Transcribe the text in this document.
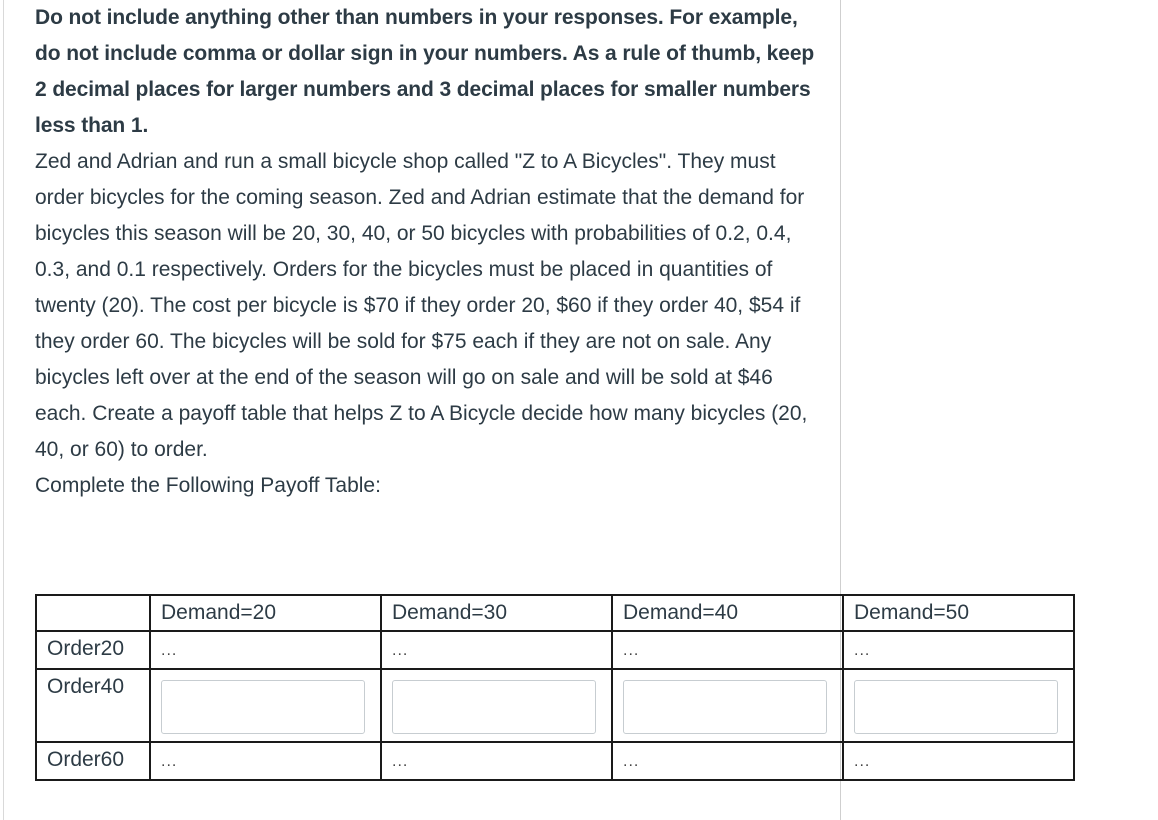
Do not include anything other than numbers in your responses. For example, do not include comma or dollar sign in your numbers. As a rule of thumb, keep 2 decimal places for larger numbers and 3 decimal places for smaller numbers less than 1.

Zed and Adrian and run a small bicycle shop called "Z to A Bicycles". They must order bicycles for the coming season. Zed and Adrian estimate that the demand for bicycles this season will be 20, 30, 40, or 50 bicycles with probabilities of 0.2, 0.4, 0.3, and 0.1 respectively. Orders for the bicycles must be placed in quantities of twenty (20). The cost per bicycle is $70 if they order 20, $60 if they order 40, $54 if they order 60. The bicycles will be sold for $75 each if they are not on sale. Any bicycles left over at the end of the season will go on sale and will be sold at $46 each. Create a payoff table that helps Z to A Bicycle decide how many bicycles (20, 40, or 60) to order.

Complete the Following Payoff Table:

	Demand=20	Demand=30	Demand=40	Demand=50
Order20	...	...	...	...
Order40	

Order60	...	...	...	...
